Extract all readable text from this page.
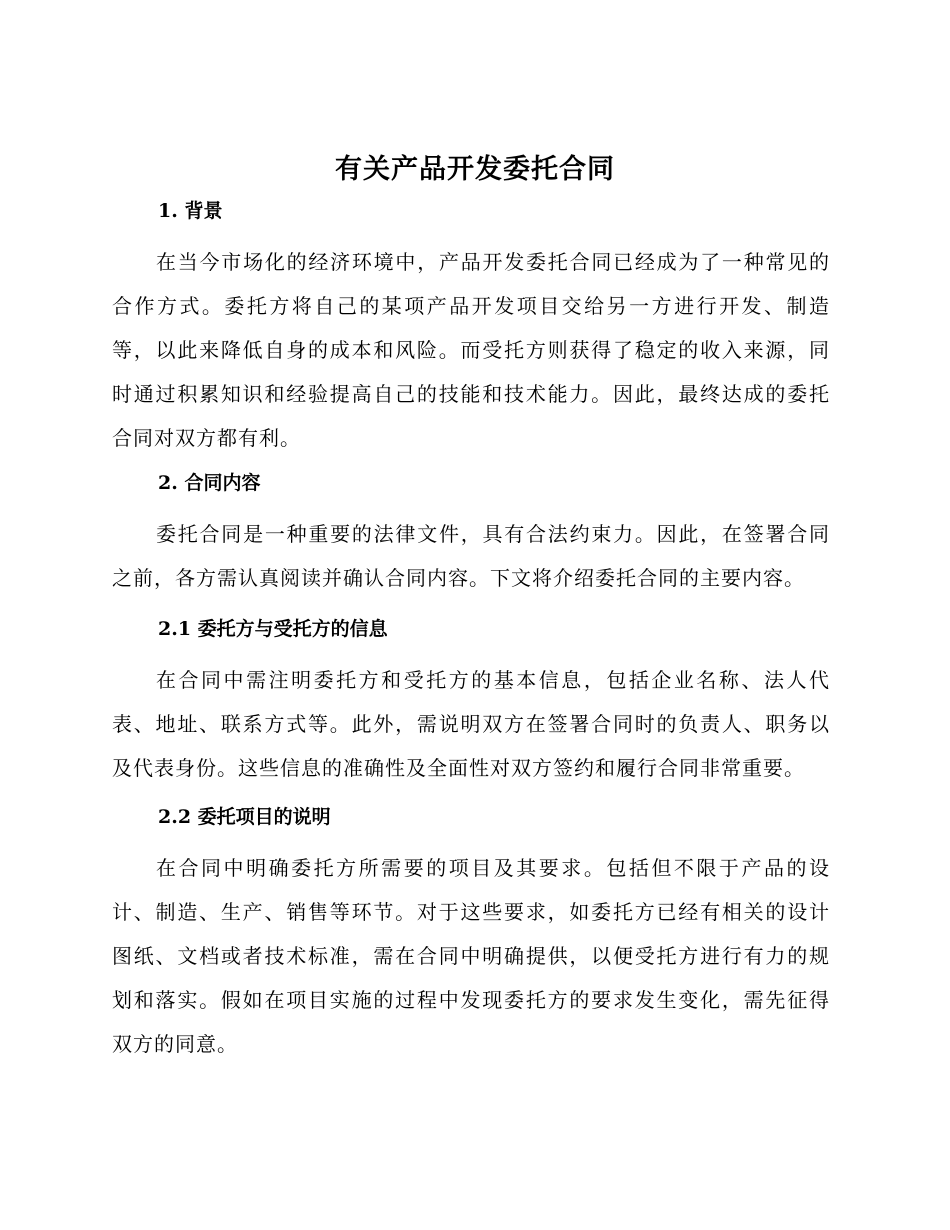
有关产品开发委托合同
1. 背景
在当今市场化的经济环境中，产品开发委托合同已经成为了一种常见的
合作方式。委托方将自己的某项产品开发项目交给另一方进行开发、制造
等，以此来降低自身的成本和风险。而受托方则获得了稳定的收入来源，同
时通过积累知识和经验提高自己的技能和技术能力。因此，最终达成的委托
合同对双方都有利。
2. 合同内容
委托合同是一种重要的法律文件，具有合法约束力。因此，在签署合同
之前，各方需认真阅读并确认合同内容。下文将介绍委托合同的主要内容。
2.1 委托方与受托方的信息
在合同中需注明委托方和受托方的基本信息，包括企业名称、法人代
表、地址、联系方式等。此外，需说明双方在签署合同时的负责人、职务以
及代表身份。这些信息的准确性及全面性对双方签约和履行合同非常重要。
2.2 委托项目的说明
在合同中明确委托方所需要的项目及其要求。包括但不限于产品的设
计、制造、生产、销售等环节。对于这些要求，如委托方已经有相关的设计
图纸、文档或者技术标准，需在合同中明确提供，以便受托方进行有力的规
划和落实。假如在项目实施的过程中发现委托方的要求发生变化，需先征得
双方的同意。
